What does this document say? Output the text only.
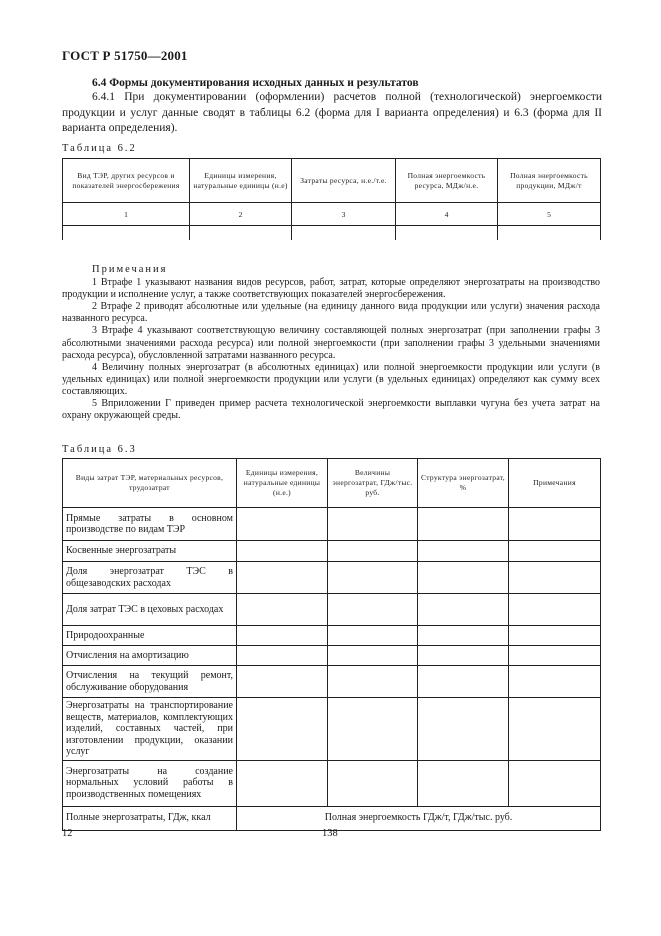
ГОСТ Р 51750—2001
6.4 Формы документирования исходных данных и результатов
6.4.1 При документировании (оформлении) расчетов полной (технологической) энергоемкости продукции и услуг данные сводят в таблицы 6.2 (форма для I варианта определения) и 6.3 (форма для II варианта определения).
Таблица 6.2
Вид ТЭР, других ресурсов и показателей энергосбережения	Единицы измерения, натуральные единицы (н.е)	Затраты ресурса, н.е./т.е.	Полная энергоемкость ресурса, МДж/н.е.	Полная энергоемкость продукции, МДж/т
1	2	3	4	5

Примечания

1 Втрафе 1 указывают названия видов ресурсов, работ, затрат, которые определяют энергозатраты на производство продукции и исполнение услуг, а также соответствующих показателей энергосбережения.

2 Втрафе 2 приводят абсолютные или удельные (на единицу данного вида продукции или услуги) значения расхода названного ресурса.

3 Втрафе 4 указывают соответствующую величину составляющей полных энергозатрат (при заполнении графы 3 абсолютными значениями расхода ресурса) или полной энергоемкости (при заполнении графы 3 удельными значениями расхода ресурса), обусловленной затратами названного ресурса.

4 Величину полных энергозатрат (в абсолютных единицах) или полной энергоемкости продукции или услуги (в удельных единицах) или полной энергоемкости продукции или услуги (в удельных единицах) определяют как сумму всех составляющих.

5 Вприложении Г приведен пример расчета технологической энергоемкости выплавки чугуна без учета затрат на охрану окружающей среды.

Таблица 6.3
Виды затрат ТЭР, материальных ресурсов, трудозатрат	Единицы измерения, натуральные единицы (н.е.)	Величины энергозатрат, ГДж/тыс. руб.	Структура энергозатрат, %	Примечания
Прямые затраты в основном производстве по видам ТЭР				
Косвенные энергозатраты				
Доля энергозатрат ТЭС в общезаводских расходах				
Доля затрат ТЭС в цеховых расходах				
Природоохранные				
Отчисления на амортизацию				
Отчисления на текущий ремонт, обслуживание оборудования				
Энергозатраты на транспортирование веществ, материалов, комплектующих изделий, составных частей, при изготовлении продукции, оказании услуг				
Энергозатраты на создание нормальных условий работы в производственных помещениях				
Полные энергозатраты, ГДж, ккал	Полная энергоемкость ГДж/т, ГДж/тыс. руб.			
12	138
